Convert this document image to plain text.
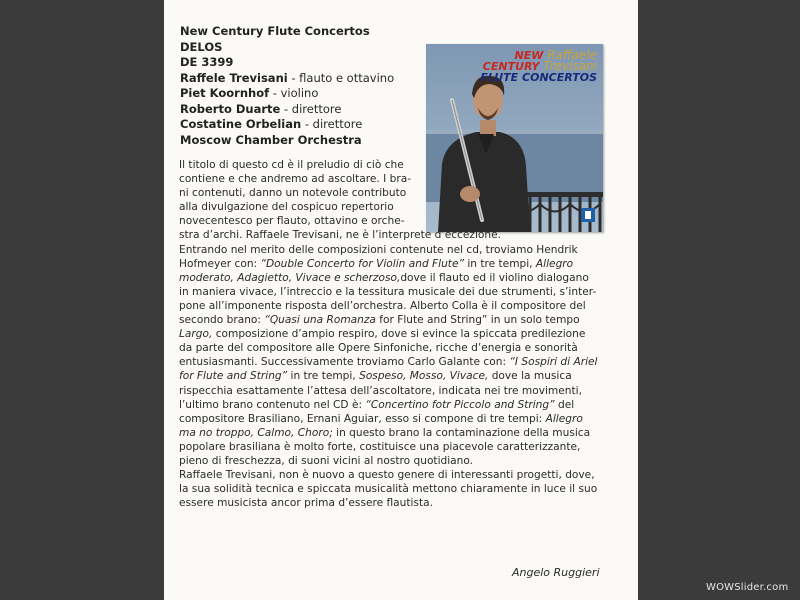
New Century Flute Concertos
DELOS
DE 3399
Raffele Trevisani - flauto e ottavino
Piet Koornhof - violino
Roberto Duarte - direttore
Costatine Orbelian - direttore
Moscow Chamber Orchestra
NEW Raffaele
CENTURY Trevisani
FLUTE CONCERTOS

Il titolo di questo cd è il preludio di ciò che

contiene e che andremo ad ascoltare. I bra-

ni contenuti, danno un notevole contributo

alla divulgazione del cospicuo repertorio

novecentesco per flauto, ottavino e orche-

stra d’archi. Raffaele Trevisani, ne è l’interprete d’eccezione.

Entrando nel merito delle composizioni contenute nel cd, troviamo Hendrik

Hofmeyer con: “Double Concerto for Violin and Flute” in tre tempi, Allegro

moderato, Adagietto, Vivace e scherzoso,dove il flauto ed il violino dialogano

in maniera vivace, l’intreccio e la tessitura musicale dei due strumenti, s’inter-

pone all’imponente risposta dell’orchestra. Alberto Colla è il compositore del

secondo brano: “Quasi una Romanza for Flute and String” in un solo tempo

Largo, composizione d’ampio respiro, dove si evince la spiccata predilezione

da parte del compositore alle Opere Sinfoniche, ricche d’energia e sonorità

entusiasmanti. Successivamente troviamo Carlo Galante con: “I Sospiri di Ariel

for Flute and String” in tre tempi, Sospeso, Mosso, Vivace, dove la musica

rispecchia esattamente l’attesa dell’ascoltatore, indicata nei tre movimenti,

l’ultimo brano contenuto nel CD è: “Concertino fotr Piccolo and String” del

compositore Brasiliano, Ernani Aguiar, esso si compone di tre tempi: Allegro

ma no troppo, Calmo, Choro; in questo brano la contaminazione della musica

popolare brasiliana è molto forte, costituisce una piacevole caratterizzante,

pieno di freschezza, di suoni vicini al nostro quotidiano.

Raffaele Trevisani, non è nuovo a questo genere di interessanti progetti, dove,

la sua solidità tecnica e spiccata musicalità mettono chiaramente in luce il suo

essere musicista ancor prima d’essere flautista.

Angelo Ruggieri
WOWSlider.com
